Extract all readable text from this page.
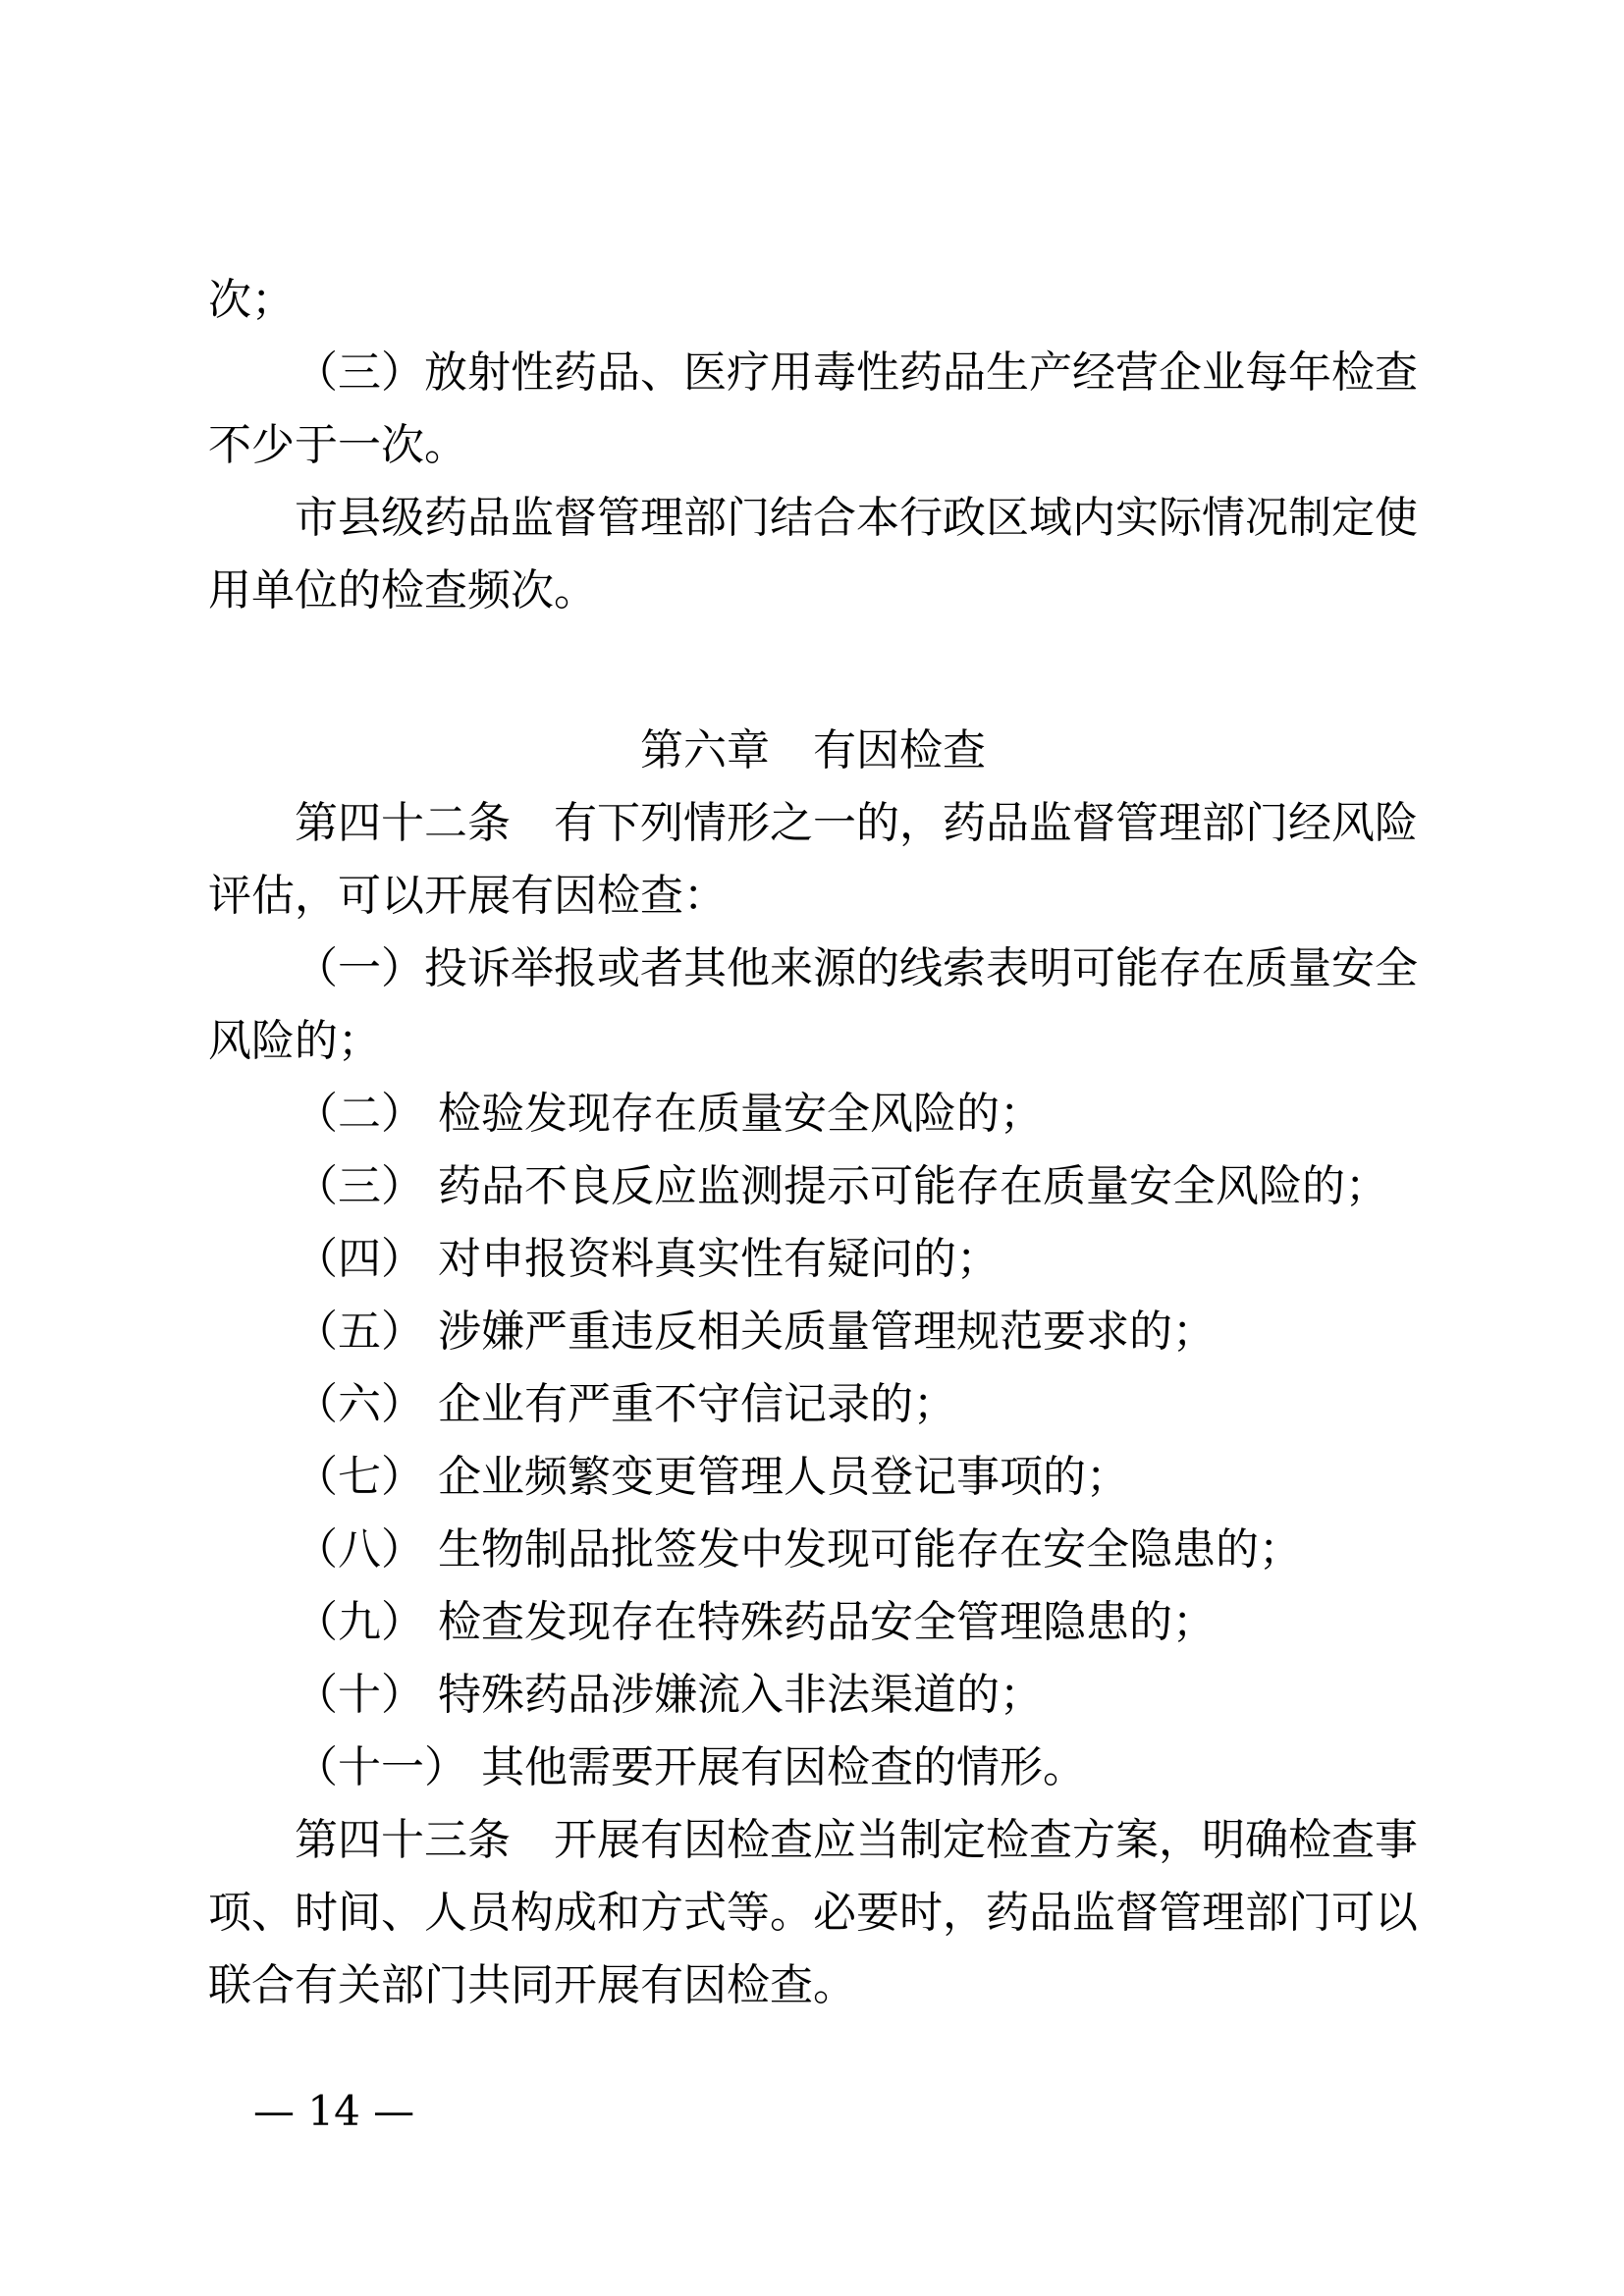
次；

（三）放射性药品、医疗用毒性药品生产经营企业每年检查不少于一次。

市县级药品监督管理部门结合本行政区域内实际情况制定使用单位的检查频次。

第六章　有因检查

第四十二条　有下列情形之一的，药品监督管理部门经风险评估，可以开展有因检查：

（一）投诉举报或者其他来源的线索表明可能存在质量安全风险的；

（二） 检验发现存在质量安全风险的；

（三） 药品不良反应监测提示可能存在质量安全风险的；

（四） 对申报资料真实性有疑问的；

（五） 涉嫌严重违反相关质量管理规范要求的；

（六） 企业有严重不守信记录的；

（七） 企业频繁变更管理人员登记事项的；

（八） 生物制品批签发中发现可能存在安全隐患的；

（九） 检查发现存在特殊药品安全管理隐患的；

（十） 特殊药品涉嫌流入非法渠道的；

（十一） 其他需要开展有因检查的情形。

第四十三条　开展有因检查应当制定检查方案，明确检查事项、时间、人员构成和方式等。必要时，药品监督管理部门可以联合有关部门共同开展有因检查。

— 14 —
